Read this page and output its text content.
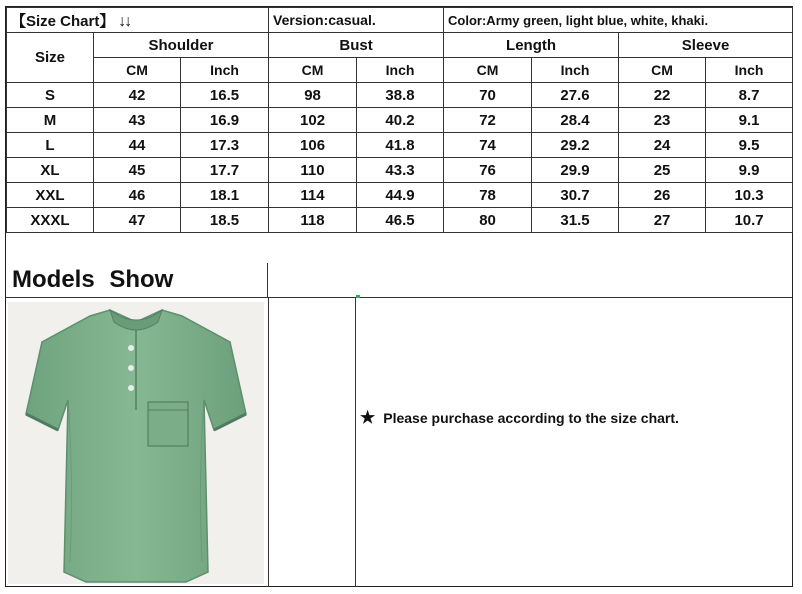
【Size Chart】 ↓↓			Version:casual.		Color:Army green, light blue, white, khaki.			
Size	Shoulder		Bust		Length		Sleeve	
	CM	Inch	CM	Inch	CM	Inch	CM	Inch
S	42	16.5	98	38.8	70	27.6	22	8.7
M	43	16.9	102	40.2	72	28.4	23	9.1
L	44	17.3	106	41.8	74	29.2	24	9.5
XL	45	17.7	110	43.3	76	29.9	25	9.9
XXL	46	18.1	114	44.9	78	30.7	26	10.3
XXXL	47	18.5	118	46.5	80	31.5	27	10.7
Models Show
★ Please purchase according to the size chart.
